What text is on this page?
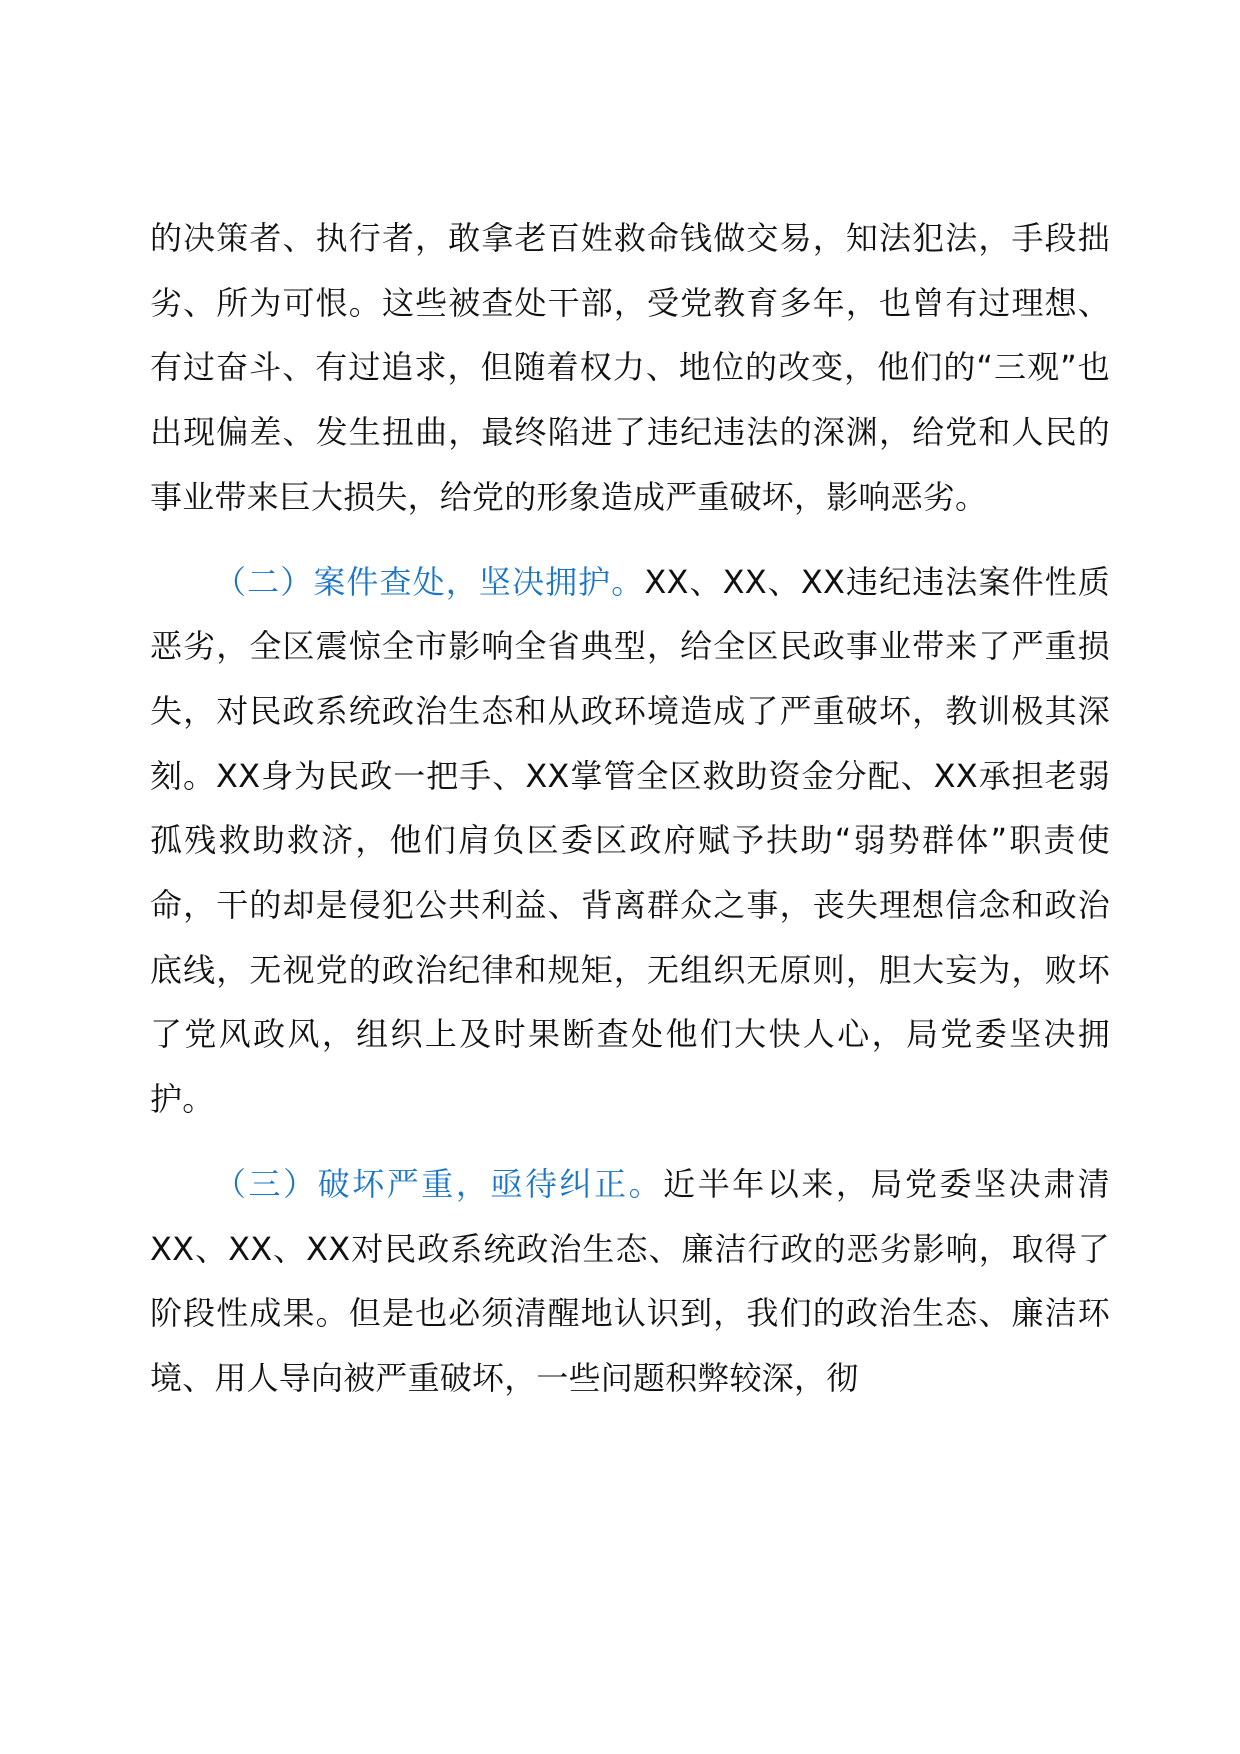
的决策者、执行者，敢拿老百姓救命钱做交易，知法犯法，手段拙劣、所为可恨。这些被查处干部，受党教育多年，也曾有过理想、有过奋斗、有过追求，但随着权力、地位的改变，他们的“三观”也出现偏差、发生扭曲，最终陷进了违纪违法的深渊，给党和人民的事业带来巨大损失，给党的形象造成严重破坏，影响恶劣。

（二）案件查处，坚决拥护。XX、XX、XX违纪违法案件性质恶劣，全区震惊全市影响全省典型，给全区民政事业带来了严重损失，对民政系统政治生态和从政环境造成了严重破坏，教训极其深刻。XX身为民政一把手、XX掌管全区救助资金分配、XX承担老弱孤残救助救济，他们肩负区委区政府赋予扶助“弱势群体”职责使命，干的却是侵犯公共利益、背离群众之事，丧失理想信念和政治底线，无视党的政治纪律和规矩，无组织无原则，胆大妄为，败坏了党风政风，组织上及时果断查处他们大快人心，局党委坚决拥护。

（三）破坏严重，亟待纠正。近半年以来，局党委坚决肃清XX、XX、XX对民政系统政治生态、廉洁行政的恶劣影响，取得了阶段性成果。但是也必须清醒地认识到，我们的政治生态、廉洁环境、用人导向被严重破坏，一些问题积弊较深，彻
